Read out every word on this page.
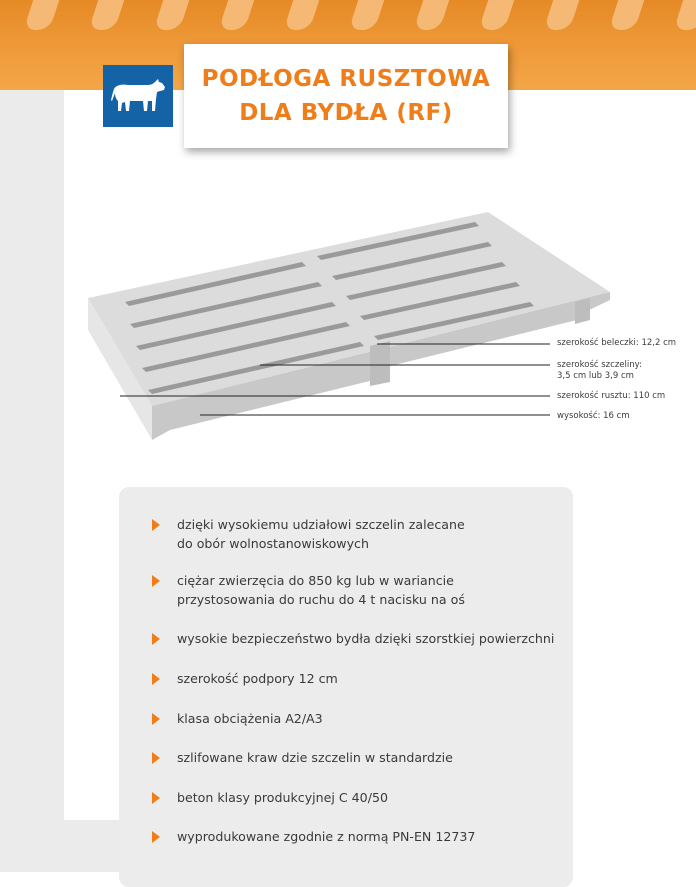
PODŁOGA RUSZTOWA
DLA BYDŁA (RF)
szerokość beleczki: 12,2 cm
szerokość szczeliny:
3,5 cm lub 3,9 cm
szerokość rusztu: 110 cm
wysokość: 16 cm
dzięki wysokiemu udziałowi szczelin zalecane
do obór wolnostanowiskowych
ciężar zwierzęcia do 850 kg lub w wariancie
przystosowania do ruchu do 4 t nacisku na oś
wysokie bezpieczeństwo bydła dzięki szorstkiej powierzchni
szerokość podpory 12 cm
klasa obciążenia A2/A3
szlifowane kraw dzie szczelin w standardzie
beton klasy produkcyjnej C 40/50
wyprodukowane zgodnie z normą PN-EN 12737
